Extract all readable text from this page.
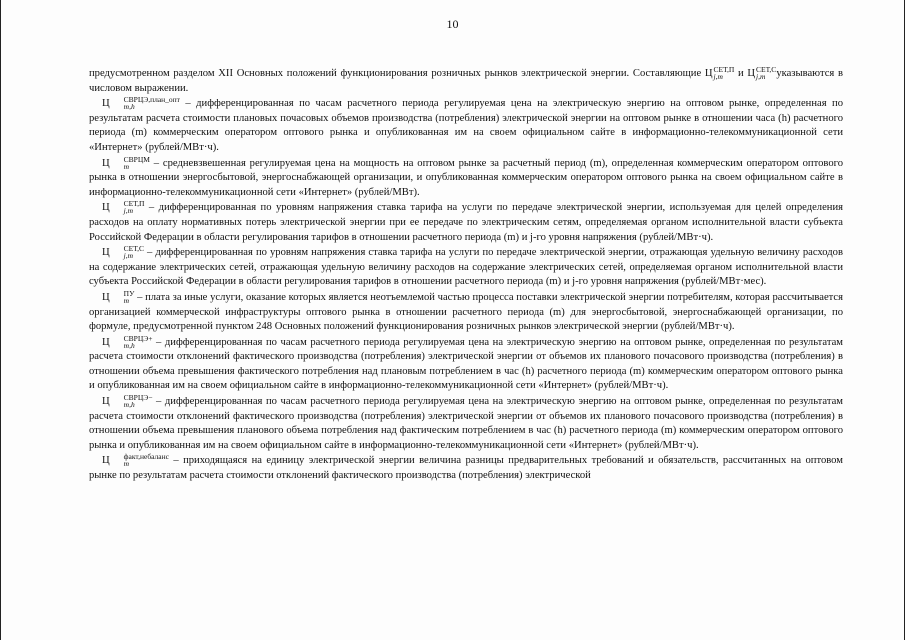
10

предусмотренном разделом XII Основных положений функционирования розничных рынков электрической энергии. Составляющие Ц СЕТ,П
j,m	и Ц СЕТ,С
j,m	указываются в числовом выражении.

Ц	СВРЦЭ,план_опт
m,h	– дифференцированная по часам расчетного периода регулируемая цена на электрическую энергию на оптовом рынке, определенная по результатам расчета стоимости плановых почасовых объемов производства (потребления) электрической энергии на оптовом рынке в отношении часа (h) расчетного периода (m) коммерческим оператором оптового рынка и опубликованная им на своем официальном сайте в информационно-телекоммуникационной сети «Интернет» (рублей/МВт·ч).

Ц	СВРЦМ
m	– средневзвешенная регулируемая цена на мощность на оптовом рынке за расчетный период (m), определенная коммерческим оператором оптового рынка в отношении энергосбытовой, энергоснабжающей организации, и опубликованная коммерческим оператором оптового рынка на своем официальном сайте в информационно-телекоммуникационной сети «Интернет» (рублей/МВт).

Ц	СЕТ,П
j,m	– дифференцированная по уровням напряжения ставка тарифа на услуги по передаче электрической энергии, используемая для целей определения расходов на оплату нормативных потерь электрической энергии при ее передаче по электрическим сетям, определяемая органом исполнительной власти субъекта Российской Федерации в области регулирования тарифов в отношении расчетного периода (m) и j-го уровня напряжения (рублей/МВт·ч).

Ц	СЕТ,С
j,m	– дифференцированная по уровням напряжения ставка тарифа на услуги по передаче электрической энергии, отражающая удельную величину расходов на содержание электрических сетей, отражающая удельную величину расходов на содержание электрических сетей, определяемая органом исполнительной власти субъекта Российской Федерации в области регулирования тарифов в отношении расчетного периода (m) и j-го уровня напряжения (рублей/МВт·мес).

Ц	ПУ
m – плата за иные услуги, оказание которых является неотъемлемой частью процесса поставки электрической энергии потребителям, которая рассчитывается организацией коммерческой инфраструктуры оптового рынка в отношении расчетного периода (m) для энергосбытовой, энергоснабжающей организации, по формуле, предусмотренной пунктом 248 Основных положений функционирования розничных рынков электрической энергии (рублей/МВт·ч).

Ц	СВРЦЭ+
m,h	– дифференцированная по часам расчетного периода регулируемая цена на электрическую энергию на оптовом рынке, определенная по результатам расчета стоимости отклонений фактического производства (потребления) электрической энергии от объемов их планового почасового производства (потребления) в отношении объема превышения фактического потребления над плановым потреблением в час (h) расчетного периода (m) коммерческим оператором оптового рынка и опубликованная им на своем официальном сайте в информационно-телекоммуникационной сети «Интернет» (рублей/МВт·ч).

Ц	СВРЦЭ−
m,h	– дифференцированная по часам расчетного периода регулируемая цена на электрическую энергию на оптовом рынке, определенная по результатам расчета стоимости отклонений фактического производства (потребления) электрической энергии от объемов их планового почасового производства (потребления) в отношении объема превышения планового объема потребления над фактическим потреблением в час (h) расчетного периода (m) коммерческим оператором оптового рынка и опубликованная им на своем официальном сайте в информационно-телекоммуникационной сети «Интернет» (рублей/МВт·ч).

Ц	факт,небаланс
m	– приходящаяся на единицу электрической энергии величина разницы предварительных требований и обязательств, рассчитанных на оптовом рынке по результатам расчета стоимости отклонений фактического производства (потребления) электрической
